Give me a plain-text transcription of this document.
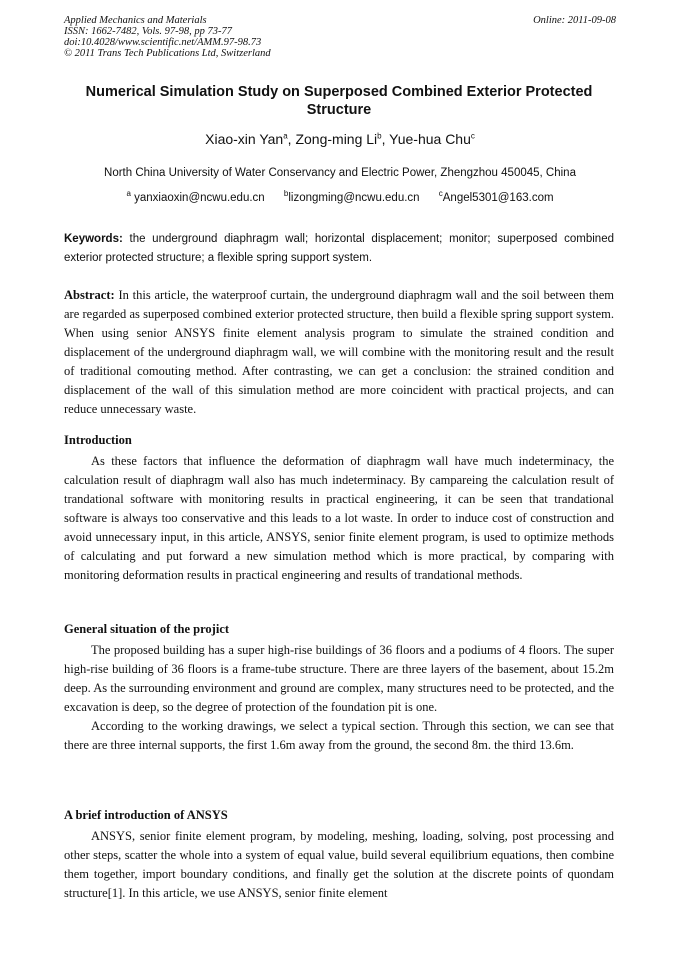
Applied Mechanics and Materials
ISSN: 1662-7482, Vols. 97-98, pp 73-77
doi:10.4028/www.scientific.net/AMM.97-98.73
© 2011 Trans Tech Publications Ltd, Switzerland
Online: 2011-09-08
Numerical Simulation Study on Superposed Combined Exterior Protected Structure
Xiao-xin Yan$^a$, Zong-ming Li$^b$, Yue-hua Chu$^c$
North China University of Water Conservancy and Electric Power, Zhengzhou 450045, China
$^a$ yanxiaoxin@ncwu.edu.cn $^b$lizongming@ncwu.edu.cn $^c$Angel5301@163.com
Keywords: the underground diaphragm wall; horizontal displacement; monitor; superposed combined exterior protected structure; a flexible spring support system.
Abstract: In this article, the waterproof curtain, the underground diaphragm wall and the soil between them are regarded as superposed combined exterior protected structure, then build a flexible spring support system. When using senior ANSYS finite element analysis program to simulate the strained condition and displacement of the underground diaphragm wall, we will combine with the monitoring result and the result of traditional comouting method. After contrasting, we can get a conclusion: the strained condition and displacement of the wall of this simulation method are more coincident with practical projects, and can reduce unnecessary waste.
Introduction

As these factors that influence the deformation of diaphragm wall have much indeterminacy, the calculation result of diaphragm wall also has much indeterminacy. By campareing the calculation result of trandational software with monitoring results in practical engineering, it can be seen that trandational software is always too conservative and this leads to a lot waste. In order to induce cost of construction and avoid unnecessary input, in this article, ANSYS, senior finite element program, is used to optimize methods of calculating and put forward a new simulation method which is more practical, by comparing with monitoring deformation results in practical engineering and results of trandational methods.

General situation of the projict

The proposed building has a super high-rise buildings of 36 floors and a podiums of 4 floors. The super high-rise building of 36 floors is a frame-tube structure. There are three layers of the basement, about 15.2m deep. As the surrounding environment and ground are complex, many structures need to be protected, and the excavation is deep, so the degree of protection of the foundation pit is one.

According to the working drawings, we select a typical section. Through this section, we can see that there are three internal supports, the first 1.6m away from the ground, the second 8m. the third 13.6m.

A brief introduction of ANSYS

ANSYS, senior finite element program, by modeling, meshing, loading, solving, post processing and other steps, scatter the whole into a system of equal value, build several equilibrium equations, then combine them together, import boundary conditions, and finally get the solution at the discrete points of quondam structure[1]. In this article, we use ANSYS, senior finite element
